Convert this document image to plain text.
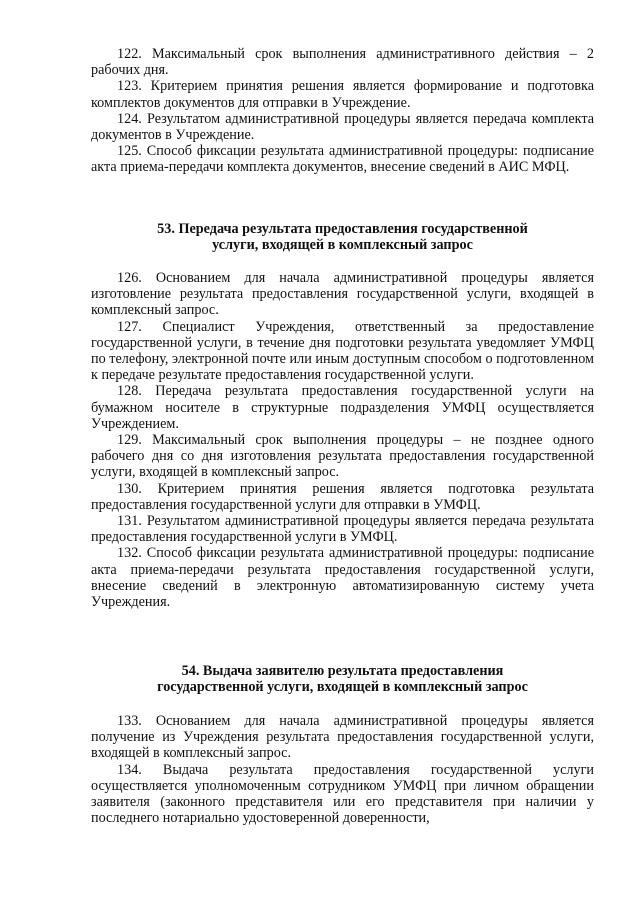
122. Максимальный срок выполнения административного действия – 2 рабочих дня.

123. Критерием принятия решения является формирование и подготовка комплектов документов для отправки в Учреждение.

124. Результатом административной процедуры является передача комплекта документов в Учреждение.

125. Способ фиксации результата административной процедуры: подписание акта приема-передачи комплекта документов, внесение сведений в АИС МФЦ.

53. Передача результата предоставления государственной
услуги, входящей в комплексный запрос

126. Основанием для начала административной процедуры является изготовление результата предоставления государственной услуги, входящей в комплексный запрос.

127. Специалист Учреждения, ответственный за предоставление государственной услуги, в течение дня подготовки результата уведомляет УМФЦ по телефону, электронной почте или иным доступным способом о подготовленном к передаче результате предоставления государственной услуги.

128. Передача результата предоставления государственной услуги на бумажном носителе в структурные подразделения УМФЦ осуществляется Учреждением.

129. Максимальный срок выполнения процедуры – не позднее одного рабочего дня со дня изготовления результата предоставления государственной услуги, входящей в комплексный запрос.

130. Критерием принятия решения является подготовка результата предоставления государственной услуги для отправки в УМФЦ.

131. Результатом административной процедуры является передача результата предоставления государственной услуги в УМФЦ.

132. Способ фиксации результата административной процедуры: подписание акта приема-передачи результата предоставления государственной услуги, внесение сведений в электронную автоматизированную систему учета Учреждения.

54. Выдача заявителю результата предоставления
государственной услуги, входящей в комплексный запрос

133. Основанием для начала административной процедуры является получение из Учреждения результата предоставления государственной услуги, входящей в комплексный запрос.

134. Выдача результата предоставления государственной услуги осуществляется уполномоченным сотрудником УМФЦ при личном обращении заявителя (законного представителя или его представителя при наличии у последнего нотариально удостоверенной доверенности,
